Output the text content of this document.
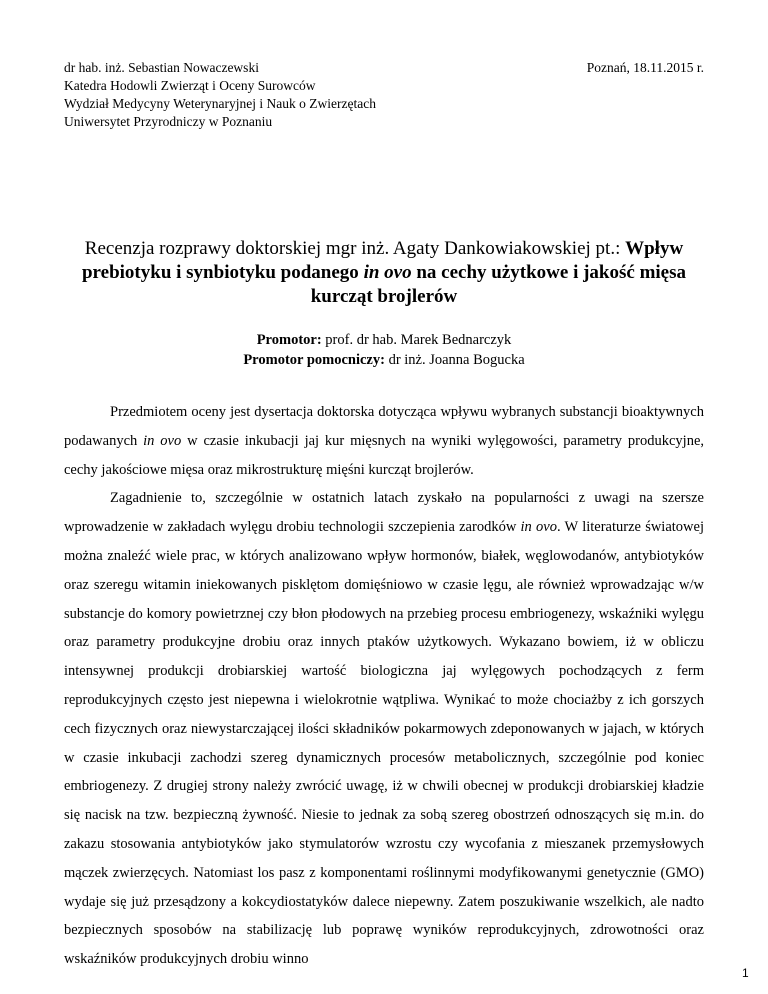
dr hab. inż. Sebastian Nowaczewski
Katedra Hodowli Zwierząt i Oceny Surowców
Wydział Medycyny Weterynaryjnej i Nauk o Zwierzętach
Uniwersytet Przyrodniczy w Poznaniu
Poznań, 18.11.2015 r.
Recenzja rozprawy doktorskiej mgr inż. Agaty Dankowiakowskiej pt.: Wpływ prebiotyku i synbiotyku podanego in ovo na cechy użytkowe i jakość mięsa kurcząt brojlerów
Promotor: prof. dr hab. Marek Bednarczyk
Promotor pomocniczy: dr inż. Joanna Bogucka

Przedmiotem oceny jest dysertacja doktorska dotycząca wpływu wybranych substancji bioaktywnych podawanych in ovo w czasie inkubacji jaj kur mięsnych na wyniki wylęgowości, parametry produkcyjne, cechy jakościowe mięsa oraz mikrostrukturę mięśni kurcząt brojlerów.

Zagadnienie to, szczególnie w ostatnich latach zyskało na popularności z uwagi na szersze wprowadzenie w zakładach wylęgu drobiu technologii szczepienia zarodków in ovo. W literaturze światowej można znaleźć wiele prac, w których analizowano wpływ hormonów, białek, węglowodanów, antybiotyków oraz szeregu witamin iniekowanych pisklętom domięśniowo w czasie lęgu, ale również wprowadzając w/w substancje do komory powietrznej czy błon płodowych na przebieg procesu embriogenezy, wskaźniki wylęgu oraz parametry produkcyjne drobiu oraz innych ptaków użytkowych. Wykazano bowiem, iż w obliczu intensywnej produkcji drobiarskiej wartość biologiczna jaj wylęgowych pochodzących z ferm reprodukcyjnych często jest niepewna i wielokrotnie wątpliwa. Wynikać to może chociażby z ich gorszych cech fizycznych oraz niewystarczającej ilości składników pokarmowych zdeponowanych w jajach, w których w czasie inkubacji zachodzi szereg dynamicznych procesów metabolicznych, szczególnie pod koniec embriogenezy. Z drugiej strony należy zwrócić uwagę, iż w chwili obecnej w produkcji drobiarskiej kładzie się nacisk na tzw. bezpieczną żywność. Niesie to jednak za sobą szereg obostrzeń odnoszących się m.in. do zakazu stosowania antybiotyków jako stymulatorów wzrostu czy wycofania z mieszanek przemysłowych mączek zwierzęcych. Natomiast los pasz z komponentami roślinnymi modyfikowanymi genetycznie (GMO) wydaje się już przesądzony a kokcydiostatyków dalece niepewny. Zatem poszukiwanie wszelkich, ale nadto bezpiecznych sposobów na stabilizację lub poprawę wyników reprodukcyjnych, zdrowotności oraz wskaźników produkcyjnych drobiu winno

1
